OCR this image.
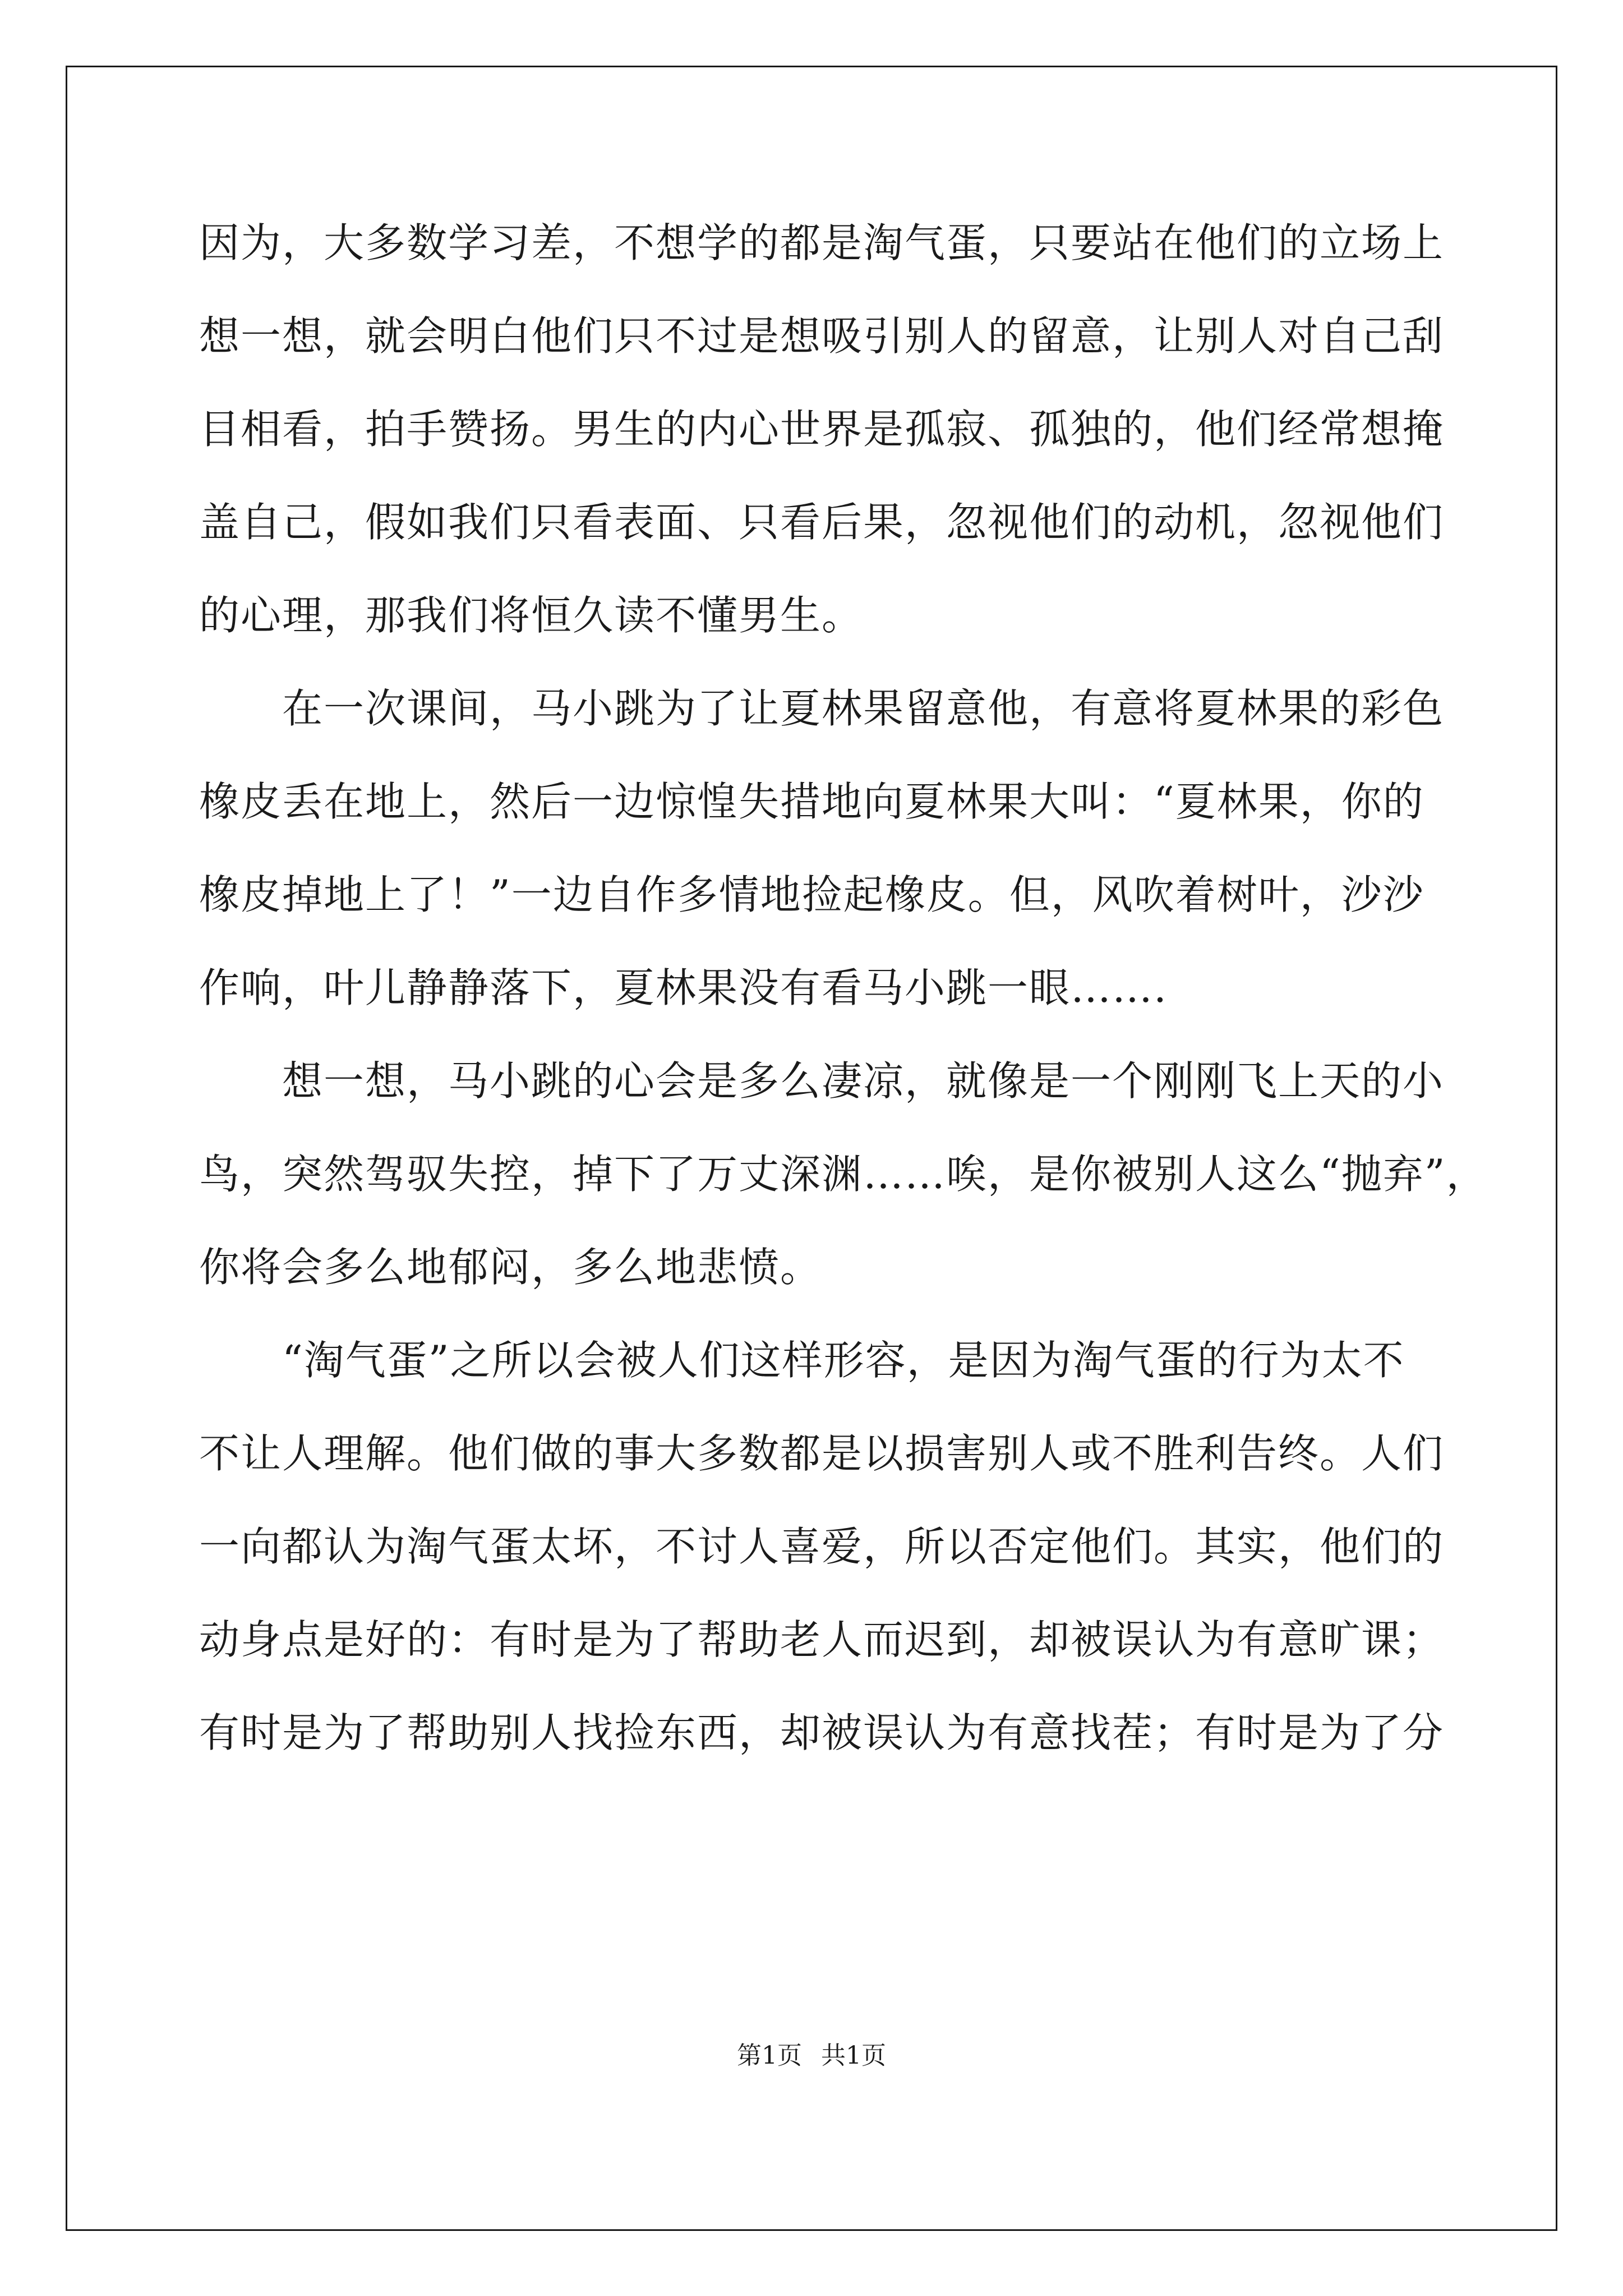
因为，大多数学习差，不想学的都是淘气蛋，只要站在他们的立场上
想一想，就会明白他们只不过是想吸引别人的留意，让别人对自己刮
目相看，拍手赞扬。男生的内心世界是孤寂、孤独的，他们经常想掩
盖自己，假如我们只看表面、只看后果，忽视他们的动机，忽视他们
的心理，那我们将恒久读不懂男生。
　　在一次课间，马小跳为了让夏林果留意他，有意将夏林果的彩色
橡皮丢在地上，然后一边惊惶失措地向夏林果大叫：“夏林果，你的
橡皮掉地上了！”一边自作多情地捡起橡皮。但，风吹着树叶，沙沙
作响，叶儿静静落下，夏林果没有看马小跳一眼…….
　　想一想，马小跳的心会是多么凄凉，就像是一个刚刚飞上天的小
鸟，突然驾驭失控，掉下了万丈深渊……唉，是你被别人这么“抛弃”，
你将会多么地郁闷，多么地悲愤。
　　“淘气蛋”之所以会被人们这样形容，是因为淘气蛋的行为太不
不让人理解。他们做的事大多数都是以损害别人或不胜利告终。人们
一向都认为淘气蛋太坏，不讨人喜爱，所以否定他们。其实，他们的
动身点是好的：有时是为了帮助老人而迟到，却被误认为有意旷课；
有时是为了帮助别人找捡东西，却被误认为有意找茬；有时是为了分
第1页 共1页
